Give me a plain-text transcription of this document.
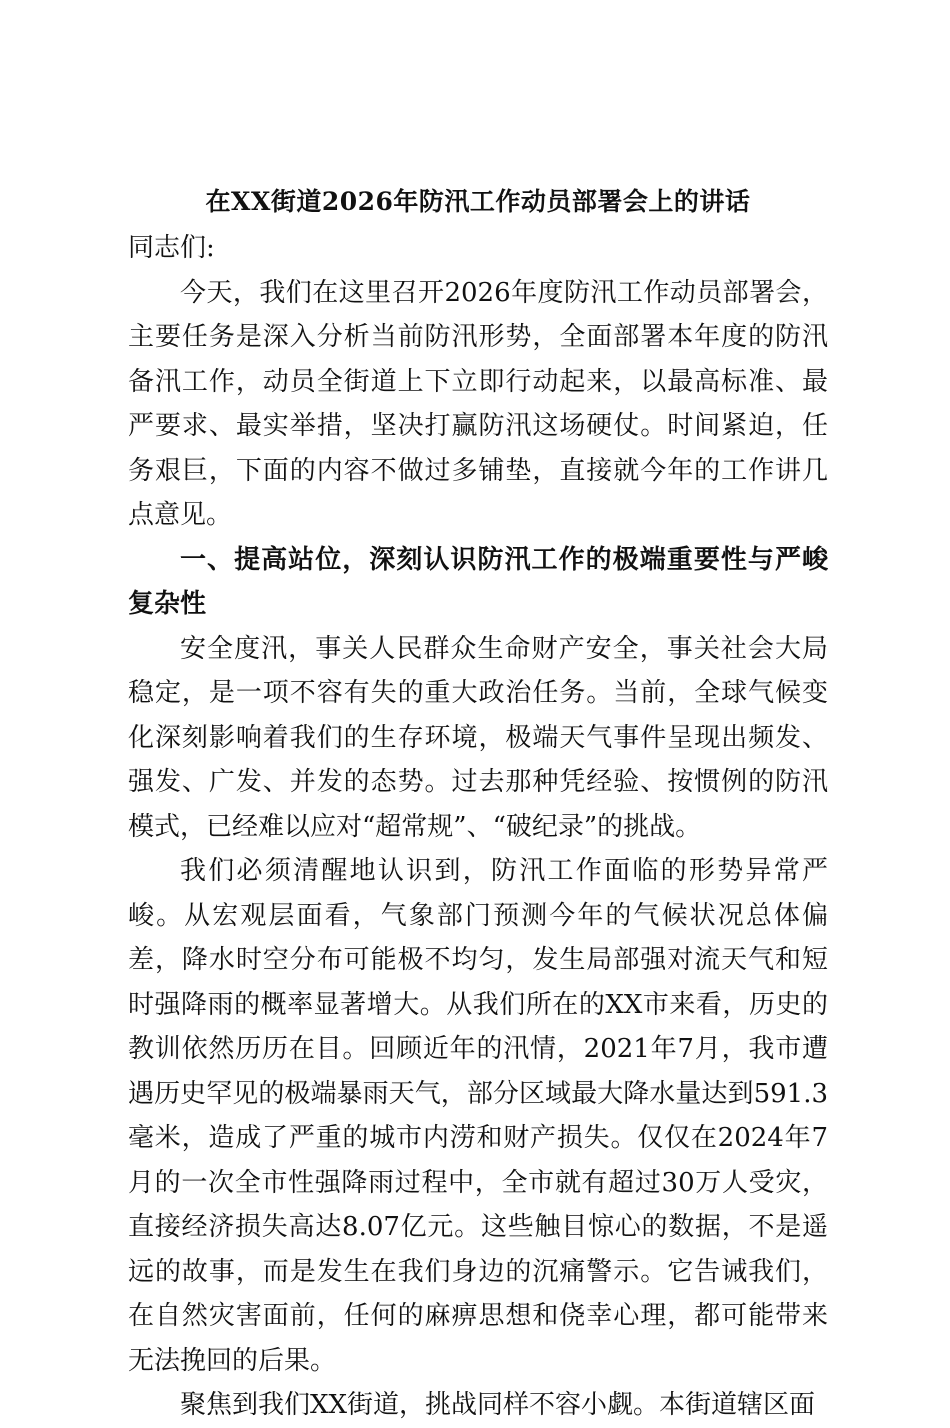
在XX街道2026年防汛工作动员部署会上的讲话

同志们:

今天，我们在这里召开2026年度防汛工作动员部署会，主要任务是深入分析当前防汛形势，全面部署本年度的防汛备汛工作，动员全街道上下立即行动起来，以最高标准、最严要求、最实举措，坚决打赢防汛这场硬仗。时间紧迫，任务艰巨，下面的内容不做过多铺垫，直接就今年的工作讲几点意见。

一、提高站位，深刻认识防汛工作的极端重要性与严峻复杂性

安全度汛，事关人民群众生命财产安全，事关社会大局稳定，是一项不容有失的重大政治任务。当前，全球气候变化深刻影响着我们的生存环境，极端天气事件呈现出频发、强发、广发、并发的态势。过去那种凭经验、按惯例的防汛模式，已经难以应对“超常规”、“破纪录”的挑战。

我们必须清醒地认识到，防汛工作面临的形势异常严峻。从宏观层面看，气象部门预测今年的气候状况总体偏差，降水时空分布可能极不均匀，发生局部强对流天气和短时强降雨的概率显著增大。从我们所在的XX市来看，历史的教训依然历历在目。回顾近年的汛情，2021年7月，我市遭遇历史罕见的极端暴雨天气，部分区域最大降水量达到591.3毫米，造成了严重的城市内涝和财产损失。仅仅在2024年7月的一次全市性强降雨过程中，全市就有超过30万人受灾，直接经济损失高达8.07亿元。这些触目惊心的数据，不是遥远的故事，而是发生在我们身边的沉痛警示。它告诫我们，在自然灾害面前，任何的麻痹思想和侥幸心理，都可能带来无法挽回的后果。

聚焦到我们XX街道，挑战同样不容小觑。本街道辖区面
